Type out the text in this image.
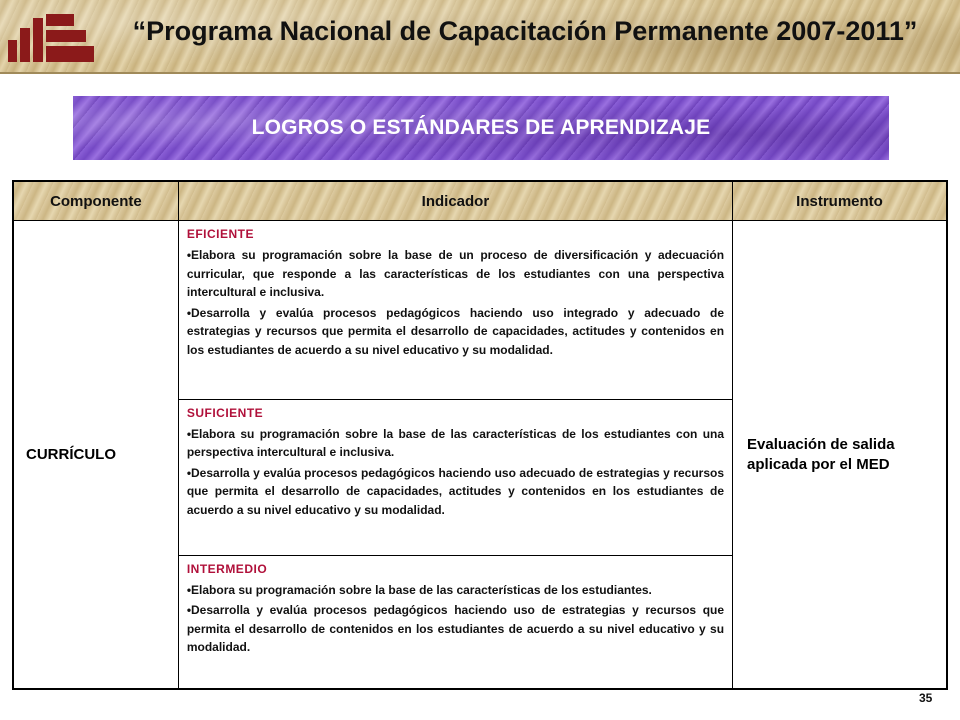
“Programa Nacional de Capacitación Permanente 2007-2011”
LOGROS O ESTÁNDARES DE APRENDIZAJE
Componente	Indicador	Instrumento
CURRÍCULO	EFICIENTE
• Elabora su programación sobre la base de un proceso de diversificación y adecuación curricular, que responde a las características de los estudiantes con una perspectiva intercultural e inclusiva.
• Desarrolla y evalúa procesos pedagógicos haciendo uso integrado y adecuado de estrategias y recursos que permita el desarrollo de capacidades, actitudes y contenidos en los estudiantes de acuerdo a su nivel educativo y su modalidad.	Evaluación de salida aplicada por el MED

	SUFICIENTE
• Elabora su programación sobre la base de las características de los estudiantes con una perspectiva intercultural e inclusiva.
• Desarrolla y evalúa procesos pedagógicos haciendo uso adecuado de estrategias y recursos que permita el desarrollo de capacidades, actitudes y contenidos en los estudiantes de acuerdo a su nivel educativo y su modalidad.

	INTERMEDIO
• Elabora su programación sobre la base de las características de los estudiantes.
• Desarrolla y evalúa procesos pedagógicos haciendo uso de estrategias y recursos que permita el desarrollo de contenidos en los estudiantes de acuerdo a su nivel educativo y su modalidad.
35
